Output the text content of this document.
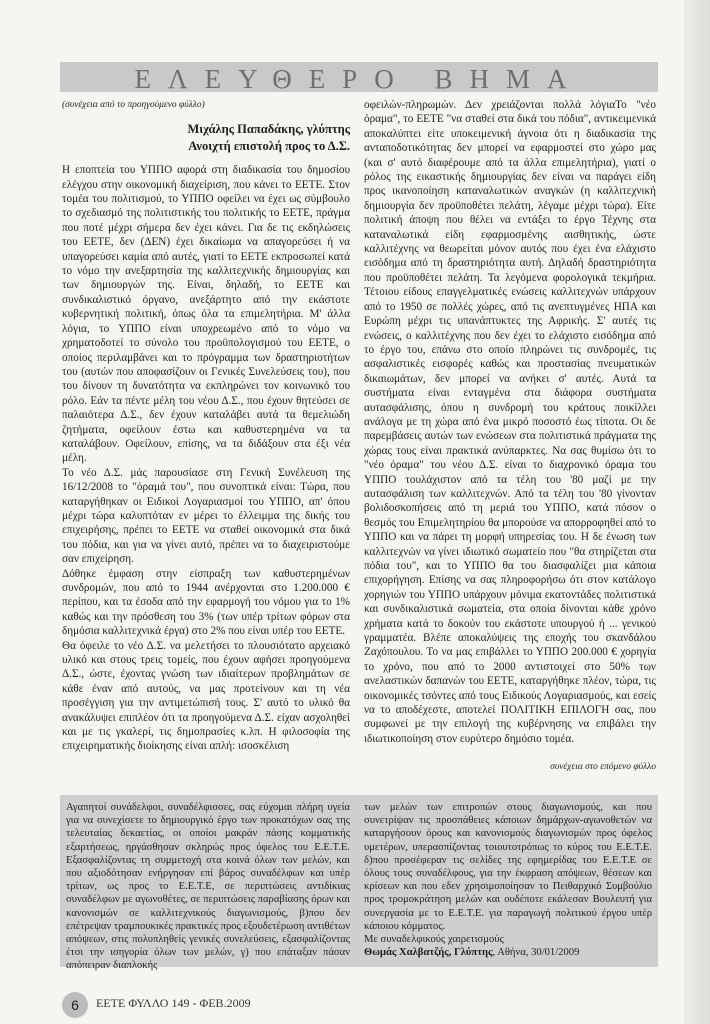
ΕΛΕΥΘΕΡΟ ΒΗΜΑ

(συνέχεια από το προηγούμενο φύλλο)

Μιχάλης Παπαδάκης, γλύπτης

Ανοιχτή επιστολή προς το Δ.Σ.

Η εποπτεία του ΥΠΠΟ αφορά στη διαδικασία του δημοσίου ελέγχου στην οικονομική διαχείριση, που κάνει το ΕΕΤΕ. Στον τομέα του πολιτισμού, το ΥΠΠΟ οφείλει να έχει ως σύμβουλο το σχεδιασμό της πολιτιστικής του πολιτικής το ΕΕΤΕ, πράγμα που ποτέ μέχρι σήμερα δεν έχει κάνει. Για δε τις εκδηλώσεις του ΕΕΤΕ, δεν (ΔΕΝ) έχει δικαίωμα να απαγορεύσει ή να υπαγορεύσει καμία από αυτές, γιατί το ΕΕΤΕ εκπροσωπεί κατά το νόμο την ανεξαρτησία της καλλιτεχνικής δημιουργίας και των δημιουργών της. Είναι, δηλαδή, το ΕΕΤΕ και συνδικαλιστικό όργανο, ανεξάρτητο από την εκάστοτε κυβερνητική πολιτική, όπως όλα τα επιμελητήρια. Μ' άλλα λόγια, το ΥΠΠΟ είναι υποχρεωμένο από το νόμο να χρηματοδοτεί το σύνολο του προϋπολογισμού του ΕΕΤΕ, ο οποίος περιλαμβάνει και το πρόγραμμα των δραστηριοτήτων του (αυτών που αποφασίζουν οι Γενικές Συνελεύσεις του), που του δίνουν τη δυνατότητα να εκπληρώνει τον κοινωνικό του ρόλο. Εάν τα πέντε μέλη του νέου Δ.Σ., που έχουν θητεύσει σε παλαιότερα Δ.Σ., δεν έχουν καταλάβει αυτά τα θεμελιώδη ζητήματα, οφείλουν έστω και καθυστερημένα να τα καταλάβουν. Οφείλουν, επίσης, να τα διδάξουν στα έξι νέα μέλη.

Το νέο Δ.Σ. μάς παρουσίασε στη Γενική Συνέλευση της 16/12/2008 το "όραμά του", που συνοπτικά είναι: Τώρα, που καταργήθηκαν οι Ειδικοί Λογαριασμοί του ΥΠΠΟ, απ' όπου μέχρι τώρα καλυπτόταν εν μέρει το έλλειμμα της δικής του επιχειρήσης, πρέπει το ΕΕΤΕ να σταθεί οικονομικά στα δικά του πόδια, και για να γίνει αυτό, πρέπει να το διαχειριστούμε σαν επιχείρηση.

Δόθηκε έμφαση στην είσπραξη των καθυστερημένων συνδρομών, που από το 1944 ανέρχονται στο 1.200.000 € περίπου, και τα έσοδα από την εφαρμογή του νόμου για το 1% καθώς και την πρόσθεση του 3% (των υπέρ τρίτων φόρων στα δημόσια καλλιτεχνικά έργα) στο 2% που είναι υπέρ του ΕΕΤΕ.

Θα όφειλε το νέο Δ.Σ. να μελετήσει το πλουσιότατο αρχειακό υλικό και στους τρεις τομείς, που έχουν αφήσει προηγούμενα Δ.Σ., ώστε, έχοντας γνώση των ιδιαίτερων προβλημάτων σε κάθε έναν από αυτούς, να μας προτείνουν και τη νέα προσέγγιση για την αντιμετώπισή τους. Σ' αυτό το υλικό θα ανακάλυψει επιπλέον ότι τα προηγούμενα Δ.Σ. είχαν ασχοληθεί και με τις γκαλερί, τις δημοπρασίες κ.λπ. Η φιλοσοφία της επιχειρηματικής διοίκησης είναι απλή: ισοσκέλιση

οφειλών-πληρωμών. Δεν χρειάζονται πολλά λόγιαΤο "νέο όραμα", το ΕΕΤΕ "να σταθεί στα δικά του πόδια", αντικειμενικά αποκαλύπτει είτε υποκειμενική άγνοια ότι η διαδικασία της ανταποδοτικότητας δεν μπορεί να εφαρμοστεί στο χώρο μας (και σ' αυτό διαφέρουμε από τα άλλα επιμελητήρια), γιατί ο ρόλος της εικαστικής δημιουργίας δεν είναι να παράγει είδη προς ικανοποίηση καταναλωτικών αναγκών (η καλλιτεχνική δημιουργία δεν προϋποθέτει πελάτη, λέγαμε μέχρι τώρα). Είτε πολιτική άποψη που θέλει να εντάξει το έργο Τέχνης στα καταναλωτικά είδη εφαρμοσμένης αισθητικής, ώστε καλλιτέχνης να θεωρείται μόνον αυτός που έχει ένα ελάχιστο εισόδημα από τη δραστηριότητα αυτή. Δηλαδή δραστηριότητα που προϋποθέτει πελάτη. Τα λεγόμενα φορολογικά τεκμήρια. Τέτοιου είδους επαγγελματικές ενώσεις καλλιτεχνών υπάρχουν από το 1950 σε πολλές χώρες, από τις ανεπτυγμένες ΗΠΑ και Ευρώπη μέχρι τις υπανάπτυκτες της Αφρικής. Σ' αυτές τις ενώσεις, ο καλλιτέχνης που δεν έχει το ελάχιστο εισόδημα από το έργο του, επάνω στο οποίο πληρώνει τις συνδρομές, τις ασφαλιστικές εισφορές καθώς και προστασίας πνευματικών δικαιωμάτων, δεν μπορεί να ανήκει σ' αυτές. Αυτά τα συστήματα είναι ενταγμένα στα διάφορα συστήματα αυτασφάλισης, όπου η συνδρομή του κράτους ποικίλλει ανάλογα με τη χώρα από ένα μικρό ποσοστό έως τίποτα. Οι δε παρεμβάσεις αυτών των ενώσεων στα πολιτιστικά πράγματα της χώρας τους είναι πρακτικά ανύπαρκτες. Να σας θυμίσω ότι το "νέο όραμα" του νέου Δ.Σ. είναι το διαχρονικό όραμα του ΥΠΠΟ τουλάχιστον από τα τέλη του '80 μαζί με την αυτασφάλιση των καλλιτεχνών. Από τα τέλη του '80 γίνονταν βολιδοσκοπήσεις από τη μεριά του ΥΠΠΟ, κατά πόσον ο θεσμός του Επιμελητηρίου θα μπορούσε να απορροφηθεί από το ΥΠΠΟ και να πάρει τη μορφή υπηρεσίας του. Η δε ένωση των καλλιτεχνών να γίνει ιδιωτικό σωματείο που "θα στηρίζεται στα πόδια του", και το ΥΠΠΟ θα του διασφαλίζει μια κάποια επιχορήγηση. Επίσης να σας πληροφορήσω ότι στον κατάλογο χορηγιών του ΥΠΠΟ υπάρχουν μόνιμα εκατοντάδες πολιτιστικά και συνδικαλιστικά σωματεία, στα οποία δίνονται κάθε χρόνο χρήματα κατά το δοκούν του εκάστοτε υπουργού ή ... γενικού γραμματέα. Βλέπε αποκαλύψεις της εποχής του σκανδάλου Ζαχόπουλου. Το να μας επιβάλλει το ΥΠΠΟ 200.000 € χορηγία το χρόνο, που από το 2000 αντιστοιχεί στο 50% των ανελαστικών δαπανών του ΕΕΤΕ, καταργήθηκε πλέον, τώρα, τις οικονομικές τσόντες από τους Ειδικούς Λογαριασμούς, και εσείς να το αποδέχεστε, αποτελεί ΠΟΛΙΤΙΚΗ ΕΠΙΛΟΓΗ σας, που συμφωνεί με την επιλογή της κυβέρνησης να επιβάλει την ιδιωτικοποίηση στον ευρύτερο δημόσιο τομέα.

συνέχεια στο επόμενο φύλλο

Αγαπητοί συνάδελφοι, συναδέλφισσες, σας εύχομαι πλήρη υγεία για να συνεχίσετε το δημιουργικό έργο των προκατόχων σας της τελευταίας δεκαετίας, οι οποίοι μακράν πάσης κομματικής εξαρτήσεως, ηργάσθησαν σκληρώς προς όφελος του Ε.Ε.Τ.Ε. Εξασφαλίζοντας τη συμμετοχή στα κοινά όλων των μελών, και που αξιοδότησαν ενήργησαν επί βάρος συναδέλφων και υπέρ τρίτων, ως προς το Ε.Ε.Τ.Ε, σε περιπτώσεις αντιδίκιας συναδέλφων με αγωνοθέτες, σε περιπτώσεις παραβίασης όρων και κανονισμών σε καλλιτεχνικούς διαγωνισμούς, β)που δεν επέτρεψαν τραμπουκικές πρακτικές προς εξουδετέρωση αντιθέτων απόψεων, στις πολυπληθείς γενικές συνελεύσεις, εξασφαλίζοντας έτσι την ισηγορία όλων των μελών, γ) που επάταξαν πάσαν απόπειραν διαπλοκής
των μελών των επιτροπών στους διαγωνισμούς, και που συνετρίψαν τις προσπάθειες κάποιων δημάρχων-αγωνοθετών να καταργήσουν όρους και κανονισμούς διαγωνισμών προς όφελος υμετέρων, υπερασπίζοντας τοιουτοτρόπως το κύρος του Ε.Ε.Τ.Ε. δ)που προσέφεραν τις σελίδες της εφημερίδας του Ε.Ε.Τ.Ε σε όλους τους συναδέλφους, για την έκφραση απόψεων, θέσεων και κρίσεων και που εδεν χρησιμοποίησαν το Πειθαρχικό Συμβούλιο προς τρομοκράτηση μελών και ουδέποτε εκάλεσαν Βουλευτή για συνεργασία με το Ε.Ε.Τ.Ε. για παραγωγή πολιτικού έργου υπέρ κάποιου κόμματος.
Με συναδελφικούς χαιρετισμούς
Θωμάς Χαλβατζής, Γλύπτης, Αθήνα, 30/01/2009
6	ΕΕΤΕ ΦΥΛΛΟ 149 - ΦΕΒ.2009
